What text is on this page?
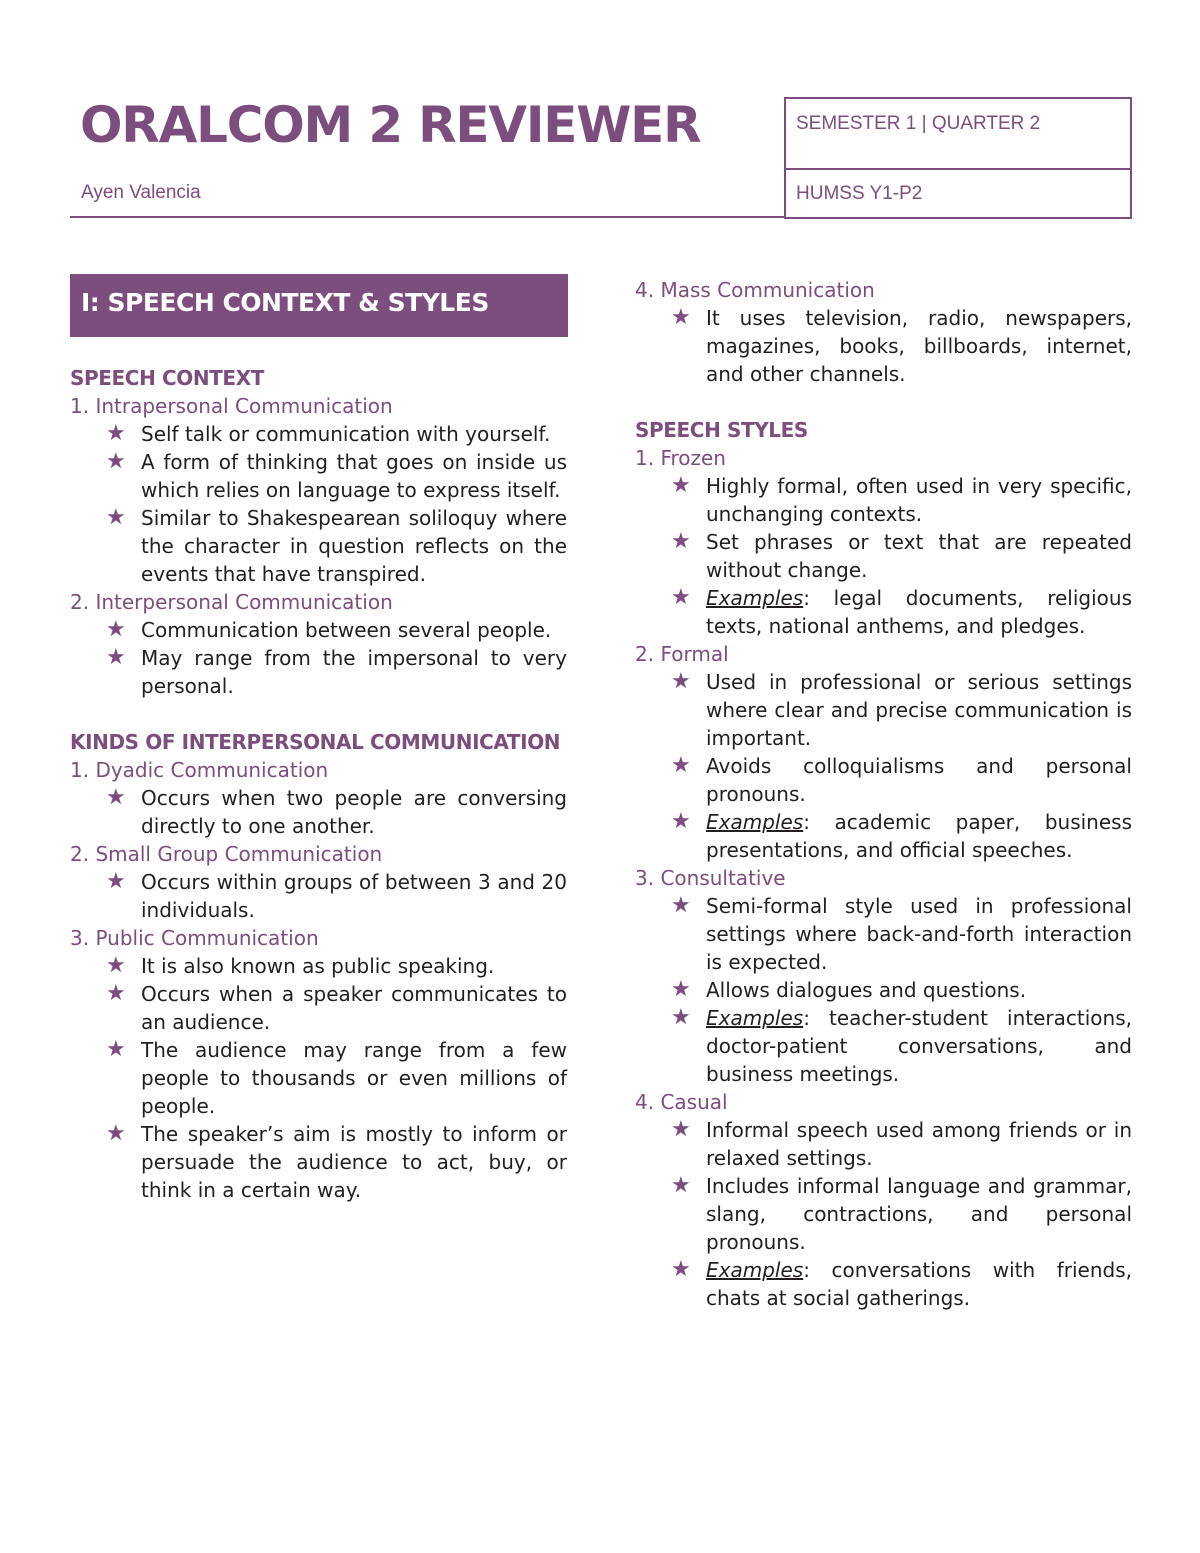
ORALCOM 2 REVIEWER
Ayen Valencia
SEMESTER 1 | QUARTER 2
HUMSS Y1-P2
I: SPEECH CONTEXT & STYLES
SPEECH CONTEXT
1. Intrapersonal Communication
★ Self talk or communication with yourself.
★ A form of thinking that goes on inside us which relies on language to express itself.
★ Similar to Shakespearean soliloquy where the character in question reflects on the events that have transpired.
2. Interpersonal Communication
★ Communication between several people.
★ May range from the impersonal to very personal.
KINDS OF INTERPERSONAL COMMUNICATION
1. Dyadic Communication
★ Occurs when two people are conversing directly to one another.
2. Small Group Communication
★ Occurs within groups of between 3 and 20 individuals.
3. Public Communication
★ It is also known as public speaking.
★ Occurs when a speaker communicates to an audience.
★ The audience may range from a few people to thousands or even millions of people.
★ The speaker’s aim is mostly to inform or persuade the audience to act, buy, or think in a certain way.
4. Mass Communication
★ It uses television, radio, newspapers, magazines, books, billboards, internet, and other channels.
SPEECH STYLES
1. Frozen
★ Highly formal, often used in very specific, unchanging contexts.
★ Set phrases or text that are repeated without change.
★ Examples: legal documents, religious texts, national anthems, and pledges.
2. Formal
★ Used in professional or serious settings where clear and precise communication is important.
★ Avoids colloquialisms and personal pronouns.
★ Examples: academic paper, business presentations, and official speeches.
3. Consultative
★ Semi-formal style used in professional settings where back-and-forth interaction is expected.
★ Allows dialogues and questions.
★ Examples: teacher-student interactions, doctor-patient conversations, and business meetings.
4. Casual
★ Informal speech used among friends or in relaxed settings.
★ Includes informal language and grammar, slang, contractions, and personal pronouns.
★ Examples: conversations with friends, chats at social gatherings.
